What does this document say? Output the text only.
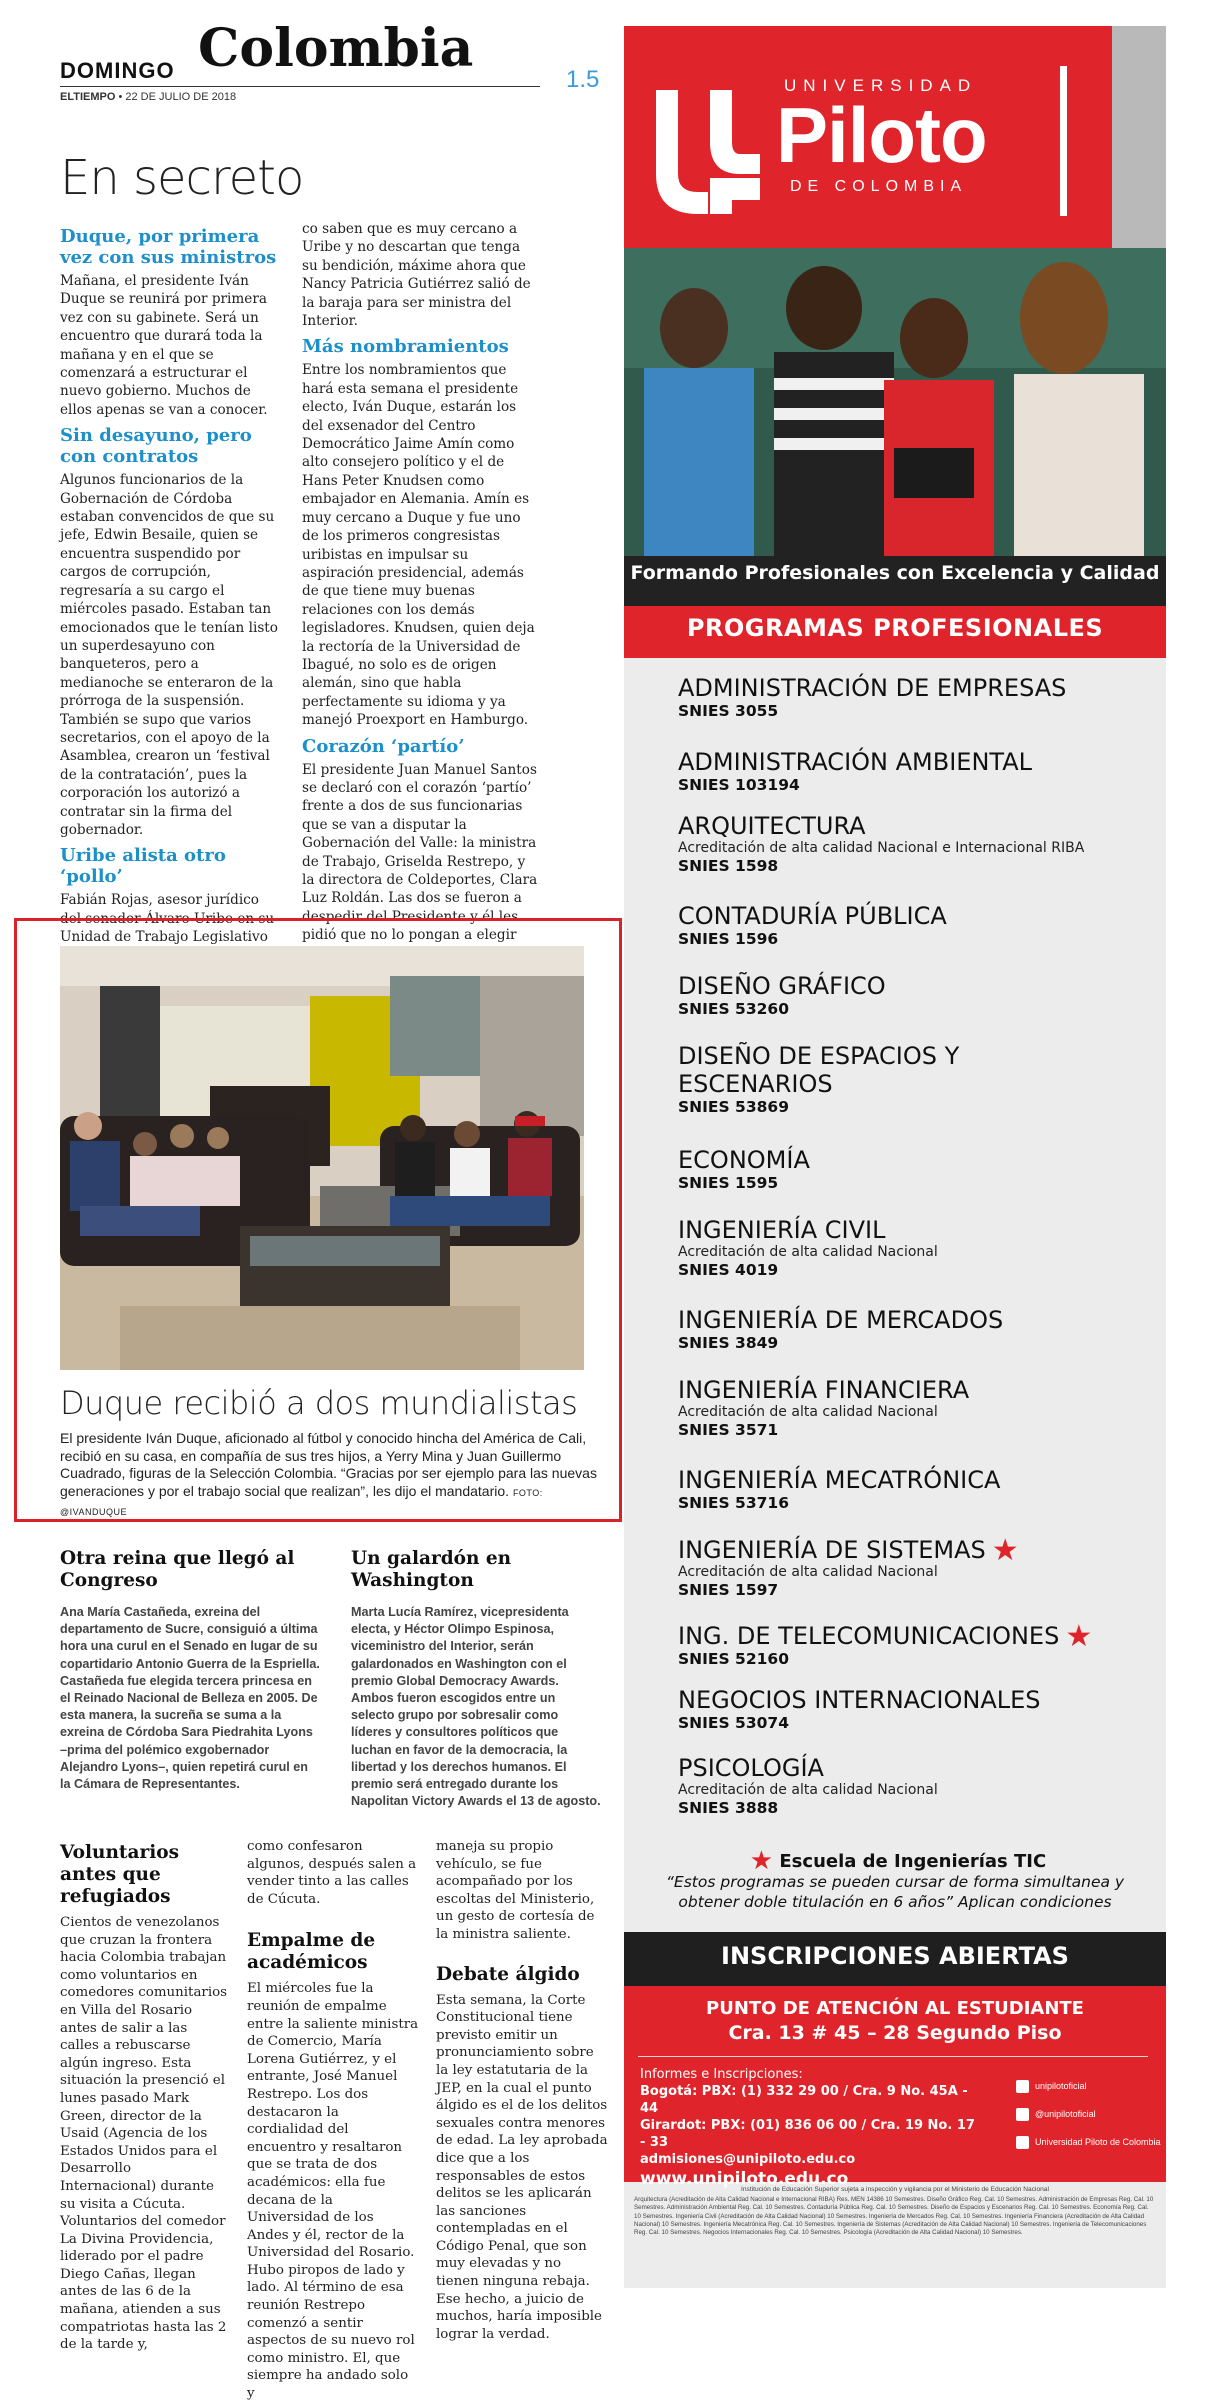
DOMINGO Colombia
ELTIEMPO • 22 DE JULIO DE 2018
1.5
En secreto
Duque, por primera vez con sus ministros

Mañana, el presidente Iván Duque se reunirá por primera vez con su gabinete. Será un encuentro que durará toda la mañana y en el que se comenzará a estructurar el nuevo gobierno. Muchos de ellos apenas se van a conocer.

Sin desayuno, pero con contratos

Algunos funcionarios de la Gobernación de Córdoba estaban convencidos de que su jefe, Edwin Besaile, quien se encuentra suspendido por cargos de corrupción, regresaría a su cargo el miércoles pasado. Estaban tan emocionados que le tenían listo un superdesayuno con banqueteros, pero a medianoche se enteraron de la prórroga de la suspensión. También se supo que varios secretarios, con el apoyo de la Asamblea, crearon un ‘festival de la contratación’, pues la corporación los autorizó a contratar sin la firma del gobernador.

Uribe alista otro ‘pollo’

Fabián Rojas, asesor jurídico del senador Álvaro Uribe en su Unidad de Trabajo Legislativo

co saben que es muy cercano a Uribe y no descartan que tenga su bendición, máxime ahora que Nancy Patricia Gutiérrez salió de la baraja para ser ministra del Interior.

Más nombramientos

Entre los nombramientos que hará esta semana el presidente electo, Iván Duque, estarán los del exsenador del Centro Democrático Jaime Amín como alto consejero político y el de Hans Peter Knudsen como embajador en Alemania. Amín es muy cercano a Duque y fue uno de los primeros congresistas uribistas en impulsar su aspiración presidencial, además de que tiene muy buenas relaciones con los demás legisladores. Knudsen, quien deja la rectoría de la Universidad de Ibagué, no solo es de origen alemán, sino que habla perfectamente su idioma y ya manejó Proexport en Hamburgo.

Corazón ‘partío’

El presidente Juan Manuel Santos se declaró con el corazón ‘partío’ frente a dos de sus funcionarias que se van a disputar la Gobernación del Valle: la ministra de Trabajo, Griselda Restrepo, y la directora de Coldeportes, Clara Luz Roldán. Las dos se fueron a despedir del Presidente y él les pidió que no lo pongan a elegir

Duque recibió a dos mundialistas
El presidente Iván Duque, aficionado al fútbol y conocido hincha del América de Cali, recibió en su casa, en compañía de sus tres hijos, a Yerry Mina y Juan Guillermo Cuadrado, figuras de la Selección Colombia. “Gracias por ser ejemplo para las nuevas generaciones y por el trabajo social que realizan”, les dijo el mandatario. FOTO: @IVANDUQUE
Otra reina que llegó al Congreso
Ana María Castañeda, exreina del departamento de Sucre, consiguió a última hora una curul en el Senado en lugar de su copartidario Antonio Guerra de la Espriella. Castañeda fue elegida tercera princesa en el Reinado Nacional de Belleza en 2005. De esta manera, la sucreña se suma a la exreina de Córdoba Sara Piedrahita Lyons –prima del polémico exgobernador Alejandro Lyons–, quien repetirá curul en la Cámara de Representantes.
Un galardón en Washington
Marta Lucía Ramírez, vicepresidenta electa, y Héctor Olimpo Espinosa, viceministro del Interior, serán galardonados en Washington con el premio Global Democracy Awards. Ambos fueron escogidos entre un selecto grupo por sobresalir como líderes y consultores políticos que luchan en favor de la democracia, la libertad y los derechos humanos. El premio será entregado durante los Napolitan Victory Awards el 13 de agosto.
Voluntarios antes que refugiados

Cientos de venezolanos que cruzan la frontera hacia Colombia trabajan como voluntarios en comedores comunitarios en Villa del Rosario antes de salir a las calles a rebuscarse algún ingreso. Esta situación la presenció el lunes pasado Mark Green, director de la Usaid (Agencia de los Estados Unidos para el Desarrollo Internacional) durante su visita a Cúcuta. Voluntarios del comedor La Divina Providencia, liderado por el padre Diego Cañas, llegan antes de las 6 de la mañana, atienden a sus compatriotas hasta las 2 de la tarde y,

como confesaron algunos, después salen a vender tinto a las calles de Cúcuta.

Empalme de académicos

El miércoles fue la reunión de empalme entre la saliente ministra de Comercio, María Lorena Gutiérrez, y el entrante, José Manuel Restrepo. Los dos destacaron la cordialidad del encuentro y resaltaron que se trata de dos académicos: ella fue decana de la Universidad de los Andes y él, rector de la Universidad del Rosario. Hubo piropos de lado y lado. Al término de esa reunión Restrepo comenzó a sentir aspectos de su nuevo rol como ministro. El, que siempre ha andado solo y

maneja su propio vehículo, se fue acompañado por los escoltas del Ministerio, un gesto de cortesía de la ministra saliente.

Debate álgido

Esta semana, la Corte Constitucional tiene previsto emitir un pronunciamiento sobre la ley estatutaria de la JEP, en la cual el punto álgido es el de los delitos sexuales contra menores de edad. La ley aprobada dice que a los responsables de estos delitos se les aplicarán las sanciones contempladas en el Código Penal, que son muy elevadas y no tienen ninguna rebaja. Ese hecho, a juicio de muchos, haría imposible lograr la verdad.

UNIVERSIDAD
Piloto
DE COLOMBIA
Formando Profesionales con Excelencia y Calidad
PROGRAMAS PROFESIONALES
ADMINISTRACIÓN DE EMPRESAS
SNIES 3055
ADMINISTRACIÓN AMBIENTAL
SNIES 103194
ARQUITECTURA
Acreditación de alta calidad Nacional e Internacional RIBA
SNIES 1598
CONTADURÍA PÚBLICA
SNIES 1596
DISEÑO GRÁFICO
SNIES 53260
DISEÑO DE ESPACIOS Y ESCENARIOS
SNIES 53869
ECONOMÍA
SNIES 1595
INGENIERÍA CIVIL
Acreditación de alta calidad Nacional
SNIES 4019
INGENIERÍA DE MERCADOS
SNIES 3849
INGENIERÍA FINANCIERA
Acreditación de alta calidad Nacional
SNIES 3571
INGENIERÍA MECATRÓNICA
SNIES 53716
INGENIERÍA DE SISTEMAS ★
Acreditación de alta calidad Nacional
SNIES 1597
ING. DE TELECOMUNICACIONES ★
SNIES 52160
NEGOCIOS INTERNACIONALES
SNIES 53074
PSICOLOGÍA
Acreditación de alta calidad Nacional
SNIES 3888
★ Escuela de Ingenierías TIC
“Estos programas se pueden cursar de forma simultanea y obtener doble titulación en 6 años” Aplican condiciones
INSCRIPCIONES ABIERTAS
PUNTO DE ATENCIÓN AL ESTUDIANTE
Cra. 13 # 45 – 28 Segundo Piso
Informes e Inscripciones:
Bogotá: PBX: (1) 332 29 00 / Cra. 9 No. 45A - 44
Girardot: PBX: (01) 836 06 00 / Cra. 19 No. 17 - 33
admisiones@unipiloto.edu.co
www.unipiloto.edu.co
unipilotoficial
@unipilotoficial
Universidad Piloto de Colombia
Institución de Educación Superior sujeta a inspección y vigilancia por el Ministerio de Educación Nacional
Arquitectura (Acreditación de Alta Calidad Nacional e Internacional RIBA) Res. MEN 14386 10 Semestres. Diseño Gráfico Reg. Cal. 10 Semestres. Administración de Empresas Reg. Cal. 10 Semestres. Administración Ambiental Reg. Cal. 10 Semestres. Contaduría Pública Reg. Cal. 10 Semestres. Diseño de Espacios y Escenarios Reg. Cal. 10 Semestres. Economía Reg. Cal. 10 Semestres. Ingeniería Civil (Acreditación de Alta Calidad Nacional) 10 Semestres. Ingeniería de Mercados Reg. Cal. 10 Semestres. Ingeniería Financiera (Acreditación de Alta Calidad Nacional) 10 Semestres. Ingeniería Mecatrónica Reg. Cal. 10 Semestres. Ingeniería de Sistemas (Acreditación de Alta Calidad Nacional) 10 Semestres. Ingeniería de Telecomunicaciones Reg. Cal. 10 Semestres. Negocios Internacionales Reg. Cal. 10 Semestres. Psicología (Acreditación de Alta Calidad Nacional) 10 Semestres.
